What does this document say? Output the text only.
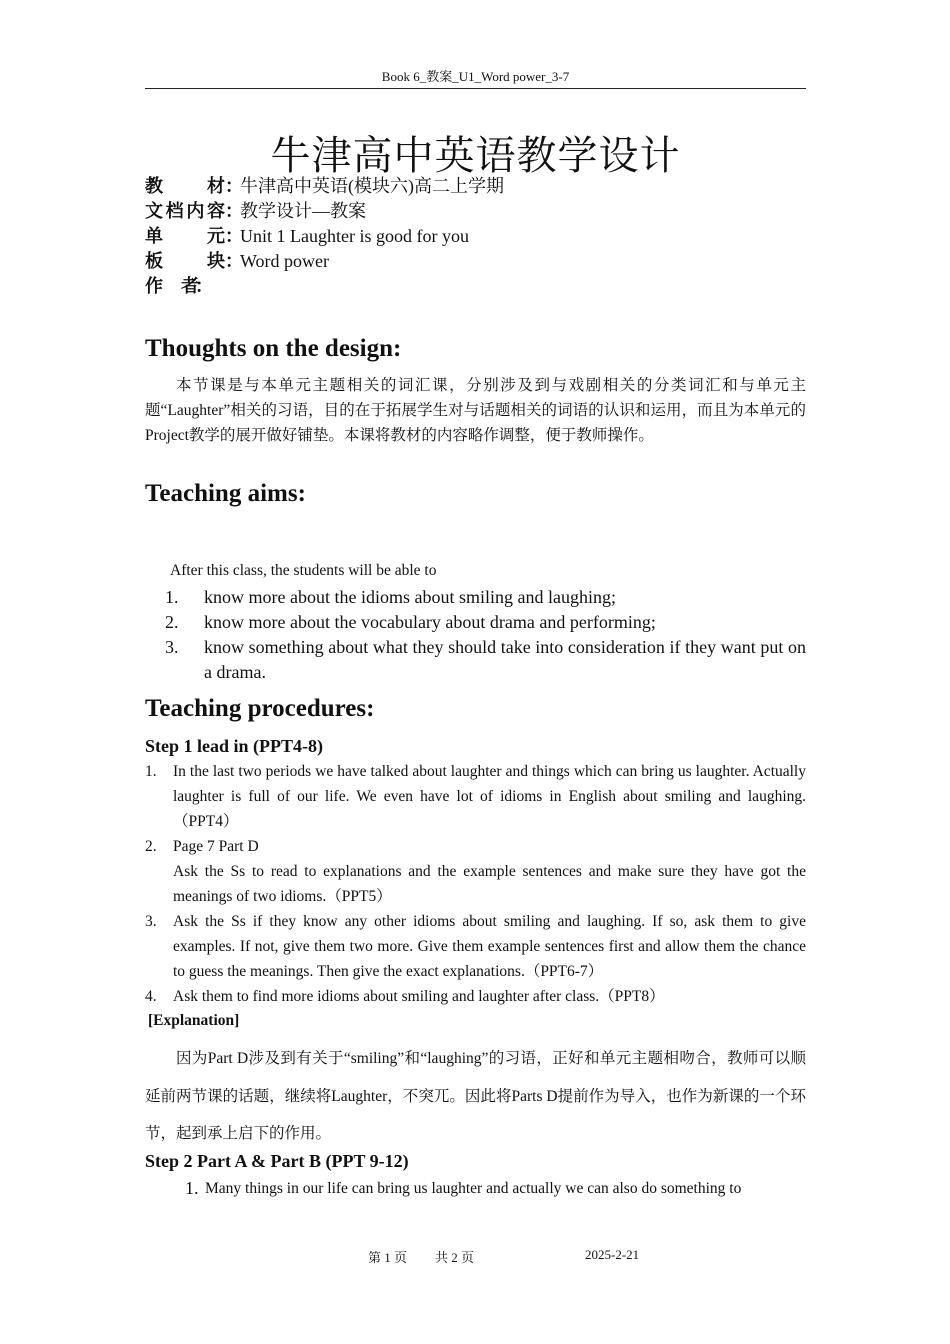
Book 6_教案_U1_Word power_3-7
牛津高中英语教学设计
教　　材 ：
牛津高中英语(模块六)高二上学期
文档内容 ：
教学设计—教案
单　　元 ：
Unit 1 Laughter is good for you
板　　块 ：
Word power
作　者
：
Thoughts on the design:
本节课是与本单元主题相关的词汇课，分别涉及到与戏剧相关的分类词汇和与单元主题“Laughter”相关的习语，目的在于拓展学生对与话题相关的词语的认识和运用，而且为本单元的Project教学的展开做好铺垫。本课将教材的内容略作调整，便于教师操作。
Teaching aims:
After this class, the students will be able to
1.	know more about the idioms about smiling and laughing;
2.	know more about the vocabulary about drama and performing;
3.	know something about what they should take into consideration if they want put on a drama.
Teaching procedures:
Step 1 lead in (PPT4-8)
1.	In the last two periods we have talked about laughter and things which can bring us laughter. Actually laughter is full of our life. We even have lot of idioms in English about smiling and laughing. （PPT4）
2.	Page 7 Part D
Ask the Ss to read to explanations and the example sentences and make sure they have got the meanings of two idioms.（PPT5）
3.	Ask the Ss if they know any other idioms about smiling and laughing. If so, ask them to give examples. If not, give them two more. Give them example sentences first and allow them the chance to guess the meanings. Then give the exact explanations.（PPT6-7）
4.	Ask them to find more idioms about smiling and laughter after class.（PPT8）
[Explanation]
因为Part D涉及到有关于“smiling”和“laughing”的习语，正好和单元主题相吻合，教师可以顺延前两节课的话题，继续将Laughter，不突兀。因此将Parts D提前作为导入，也作为新课的一个环节，起到承上启下的作用。
Step 2 Part A & Part B (PPT 9-12)
1. Many things in our life can bring us laughter and actually we can also do something to
第 1 页 共 2 页	2025-2-21
